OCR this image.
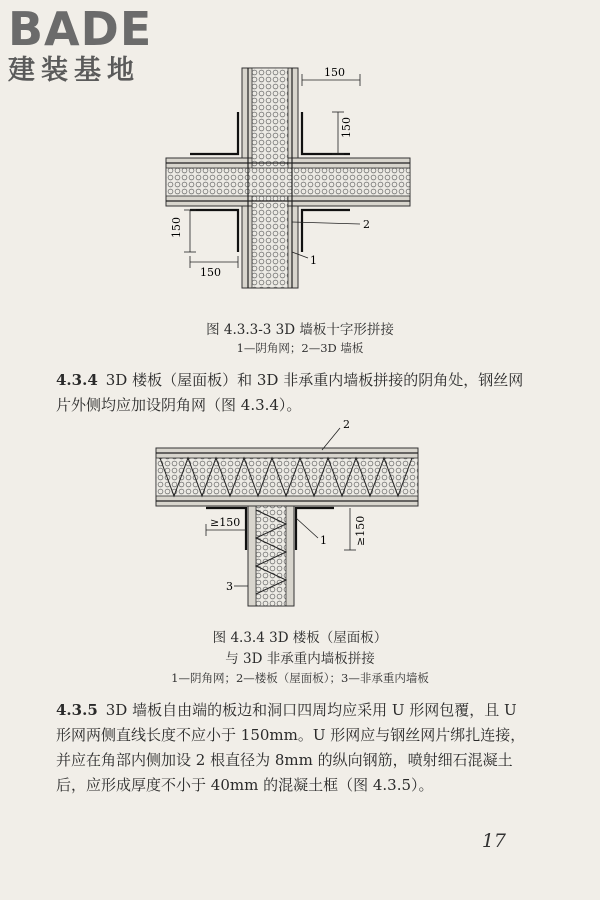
BADE
建装基地	150
150
150
150	2
1
图 4.3.3-3 3D 墙板十字形拼接
1—阴角网；2—3D 墙板
4.3.4 3D 楼板（屋面板）和 3D 非承重内墙板拼接的阴角处，钢丝网片外侧均应加设阴角网（图 4.3.4）。
≥150	≥150
2
1
3
图 4.3.4 3D 楼板（屋面板）
与 3D 非承重内墙板拼接
1—阴角网；2—楼板（屋面板）；3—非承重内墙板
4.3.5 3D 墙板自由端的板边和洞口四周均应采用 U 形网包覆，且 U 形网两侧直线长度不应小于 150mm。U 形网应与钢丝网片绑扎连接，并应在角部内侧加设 2 根直径为 8mm 的纵向钢筋，喷射细石混凝土后，应形成厚度不小于 40mm 的混凝土框（图 4.3.5）。
17
